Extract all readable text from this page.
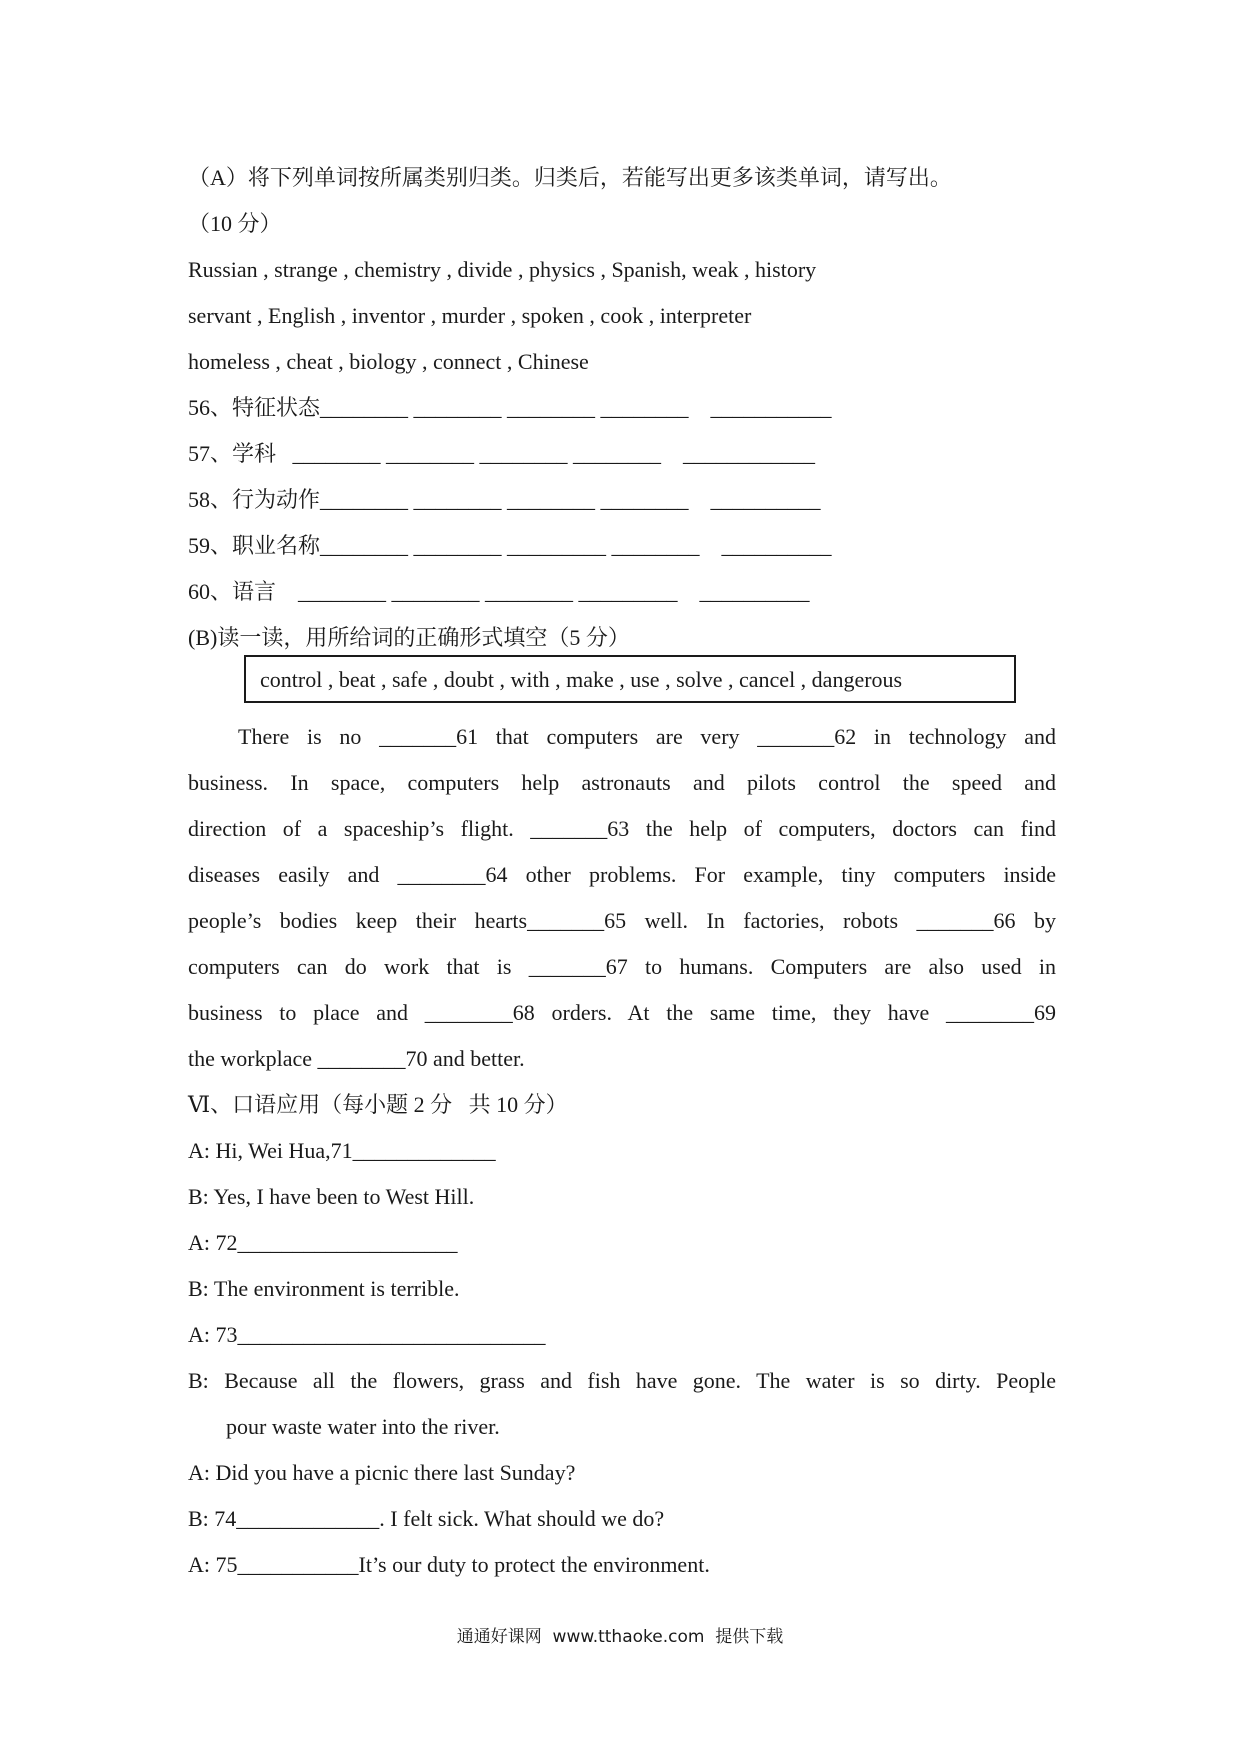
（A）将下列单词按所属类别归类。归类后，若能写出更多该类单词，请写出。
（10 分）
Russian , strange , chemistry , divide , physics , Spanish, weak , history
servant , English , inventor , murder , spoken , cook , interpreter
homeless , cheat , biology , connect , Chinese
56、特征状态________ ________ ________ ________    ___________
57、学科   ________ ________ ________ ________    ____________
58、行为动作________ ________ ________ ________    __________
59、职业名称________ ________ _________ ________    __________
60、语言    ________ ________ ________ _________    __________
(B)读一读，用所给词的正确形式填空（5 分）
control , beat , safe , doubt , with , make , use , solve , cancel , dangerous
There is no _______61 that computers are very _______62 in technology and
business. In space, computers help astronauts and pilots control the speed and
direction of a spaceship’s flight. _______63 the help of computers, doctors can find
diseases easily and ________64 other problems. For example, tiny computers inside
people’s bodies keep their hearts_______65 well. In factories, robots _______66 by
computers can do work that is _______67 to humans. Computers are also used in
business to place and ________68 orders. At the same time, they have ________69
the workplace ________70 and better.
Ⅵ、口语应用（每小题 2 分   共 10 分）
A: Hi, Wei Hua,71_____________
B: Yes, I have been to West Hill.
A: 72____________________
B: The environment is terrible.
A: 73____________________________
B: Because all the flowers, grass and fish have gone. The water is so dirty. People
pour waste water into the river.
A: Did you have a picnic there last Sunday?
B: 74_____________. I felt sick. What should we do?
A: 75___________It’s our duty to protect the environment.
通通好课网  www.tthaoke.com  提供下载
